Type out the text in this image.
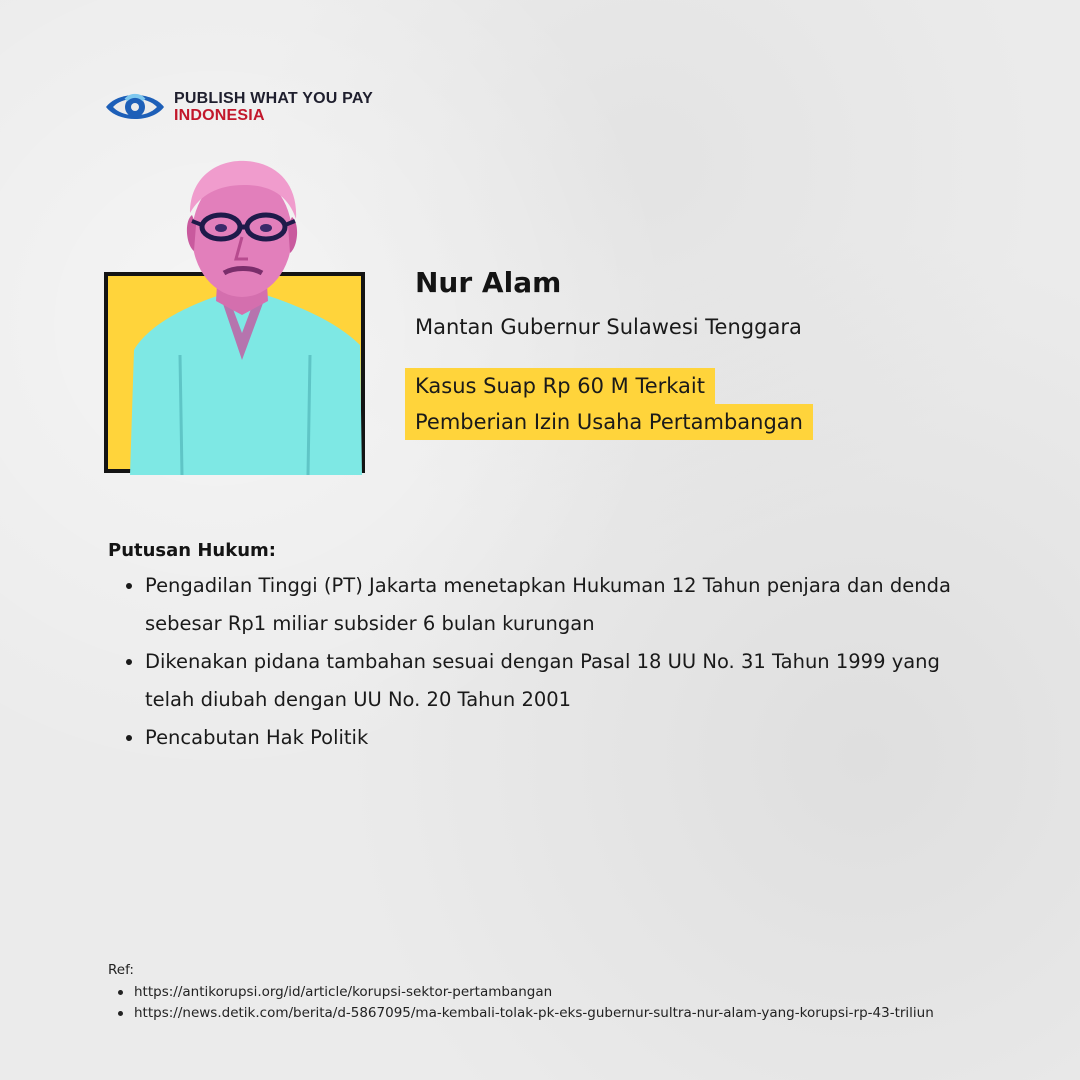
PUBLISH WHAT YOU PAY
INDONESIA
Nur Alam
Mantan Gubernur Sulawesi Tenggara
Kasus Suap Rp 60 M Terkait
Pemberian Izin Usaha Pertambangan
Putusan Hukum:
Pengadilan Tinggi (PT) Jakarta menetapkan Hukuman 12 Tahun penjara dan denda sebesar Rp1 miliar subsider 6 bulan kurungan
Dikenakan pidana tambahan sesuai dengan Pasal 18 UU No. 31 Tahun 1999 yang telah diubah dengan UU No. 20 Tahun 2001
Pencabutan Hak Politik
Ref:
https://antikorupsi.org/id/article/korupsi-sektor-pertambangan
https://news.detik.com/berita/d-5867095/ma-kembali-tolak-pk-eks-gubernur-sultra-nur-alam-yang-korupsi-rp-43-triliun
